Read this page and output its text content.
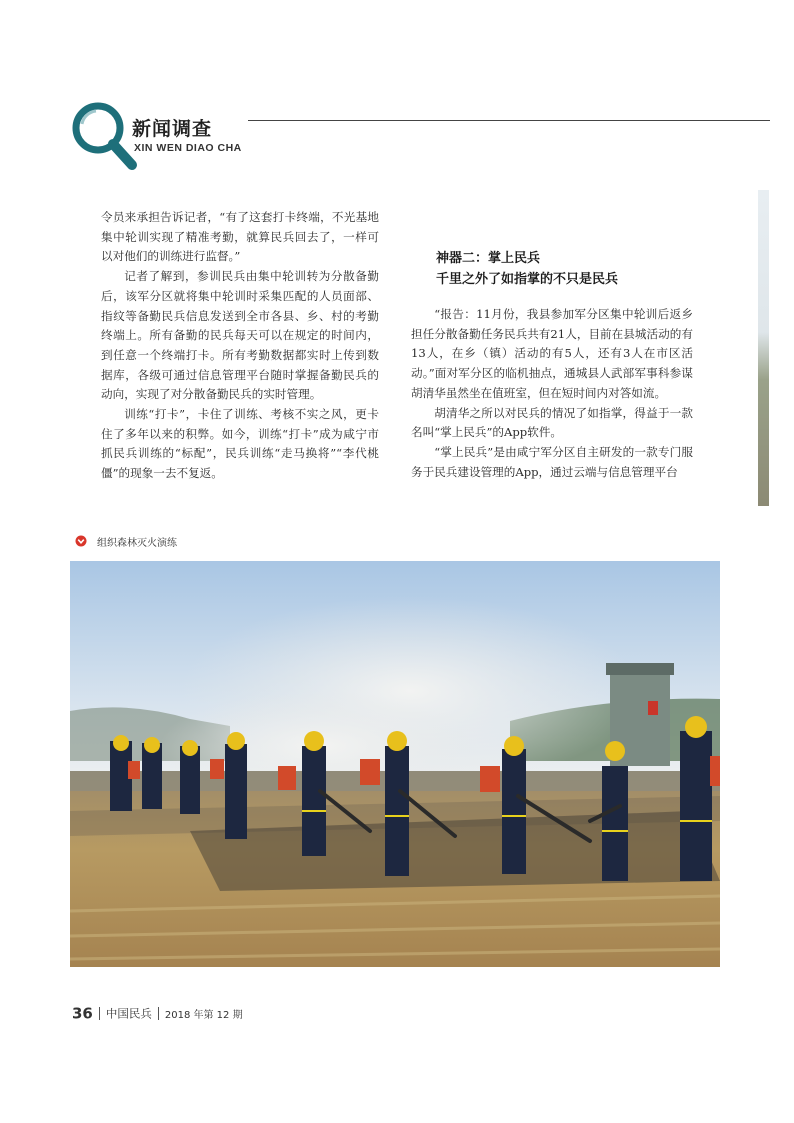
新闻调查
XIN WEN DIAO CHA

令员来承担告诉记者，“有了这套打卡终端，不光基地集中轮训实现了精准考勤，就算民兵回去了，一样可以对他们的训练进行监督。”

记者了解到，参训民兵由集中轮训转为分散备勤后，该军分区就将集中轮训时采集匹配的人员面部、指纹等备勤民兵信息发送到全市各县、乡、村的考勤终端上。所有备勤的民兵每天可以在规定的时间内，到任意一个终端打卡。所有考勤数据都实时上传到数据库，各级可通过信息管理平台随时掌握备勤民兵的动向，实现了对分散备勤民兵的实时管理。

训练“打卡”，卡住了训练、考核不实之风，更卡住了多年以来的积弊。如今，训练“打卡”成为咸宁市抓民兵训练的“标配”，民兵训练“走马换将”“李代桃僵”的现象一去不复返。

神器二：掌上民兵
千里之外了如指掌的不只是民兵

“报告：11月份，我县参加军分区集中轮训后返乡担任分散备勤任务民兵共有21人，目前在县城活动的有13人，在乡（镇）活动的有5人，还有3人在市区活动。”面对军分区的临机抽点，通城县人武部军事科参谋胡清华虽然坐在值班室，但在短时间内对答如流。

胡清华之所以对民兵的情况了如指掌，得益于一款名叫“掌上民兵”的App软件。

“掌上民兵”是由咸宁军分区自主研发的一款专门服务于民兵建设管理的App，通过云端与信息管理平台

组织森林灭火演练
36 中国民兵 2018 年第 12 期
